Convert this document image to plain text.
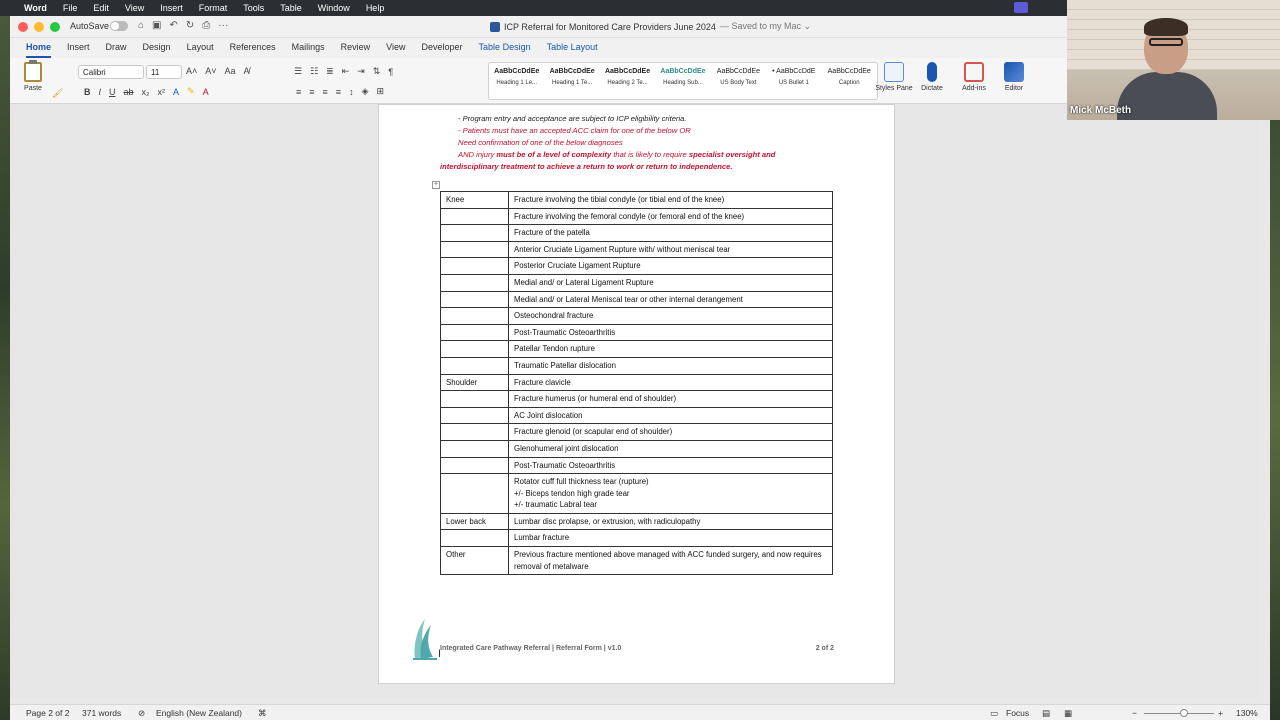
Word File Edit View Insert Format Tools Table Window Help
AutoSave	⌂ ▣ ↶ ↻ ⎙ ···	ICP Referral for Monitored Care Providers June 2024 — Saved to my Mac ⌄
Home	Insert	Draw	Design	Layout	References	Mailings	Review	View	Developer	Table Design	Table Layout
Paste	🖌
Calibri	11	A˄ A˅ Aa A̸
B I U ab x₂ x² A ✎ A
☰ ☷ ≣ ⇤ ⇥ ⇅ ¶
≡ ≡ ≡ ≡ ↕ ◈ ⊞
AaBbCcDdEe
Heading 1 Le...
AaBbCcDdEe
Heading 1 Te...
AaBbCcDdEe
Heading 2 Te...
AaBbCcDdEe
Heading Sub...
AaBbCcDdEe
US Body Text
• AaBbCcDdE
US Bullet 1
AaBbCcDdEe
Caption
Styles Pane	Dictate	Add-ins	Editor
- Program entry and acceptance are subject to ICP eligibility criteria.
- Patients must have an accepted ACC claim for one of the below OR
Need confirmation of one of the below diagnoses
AND injury must be of a level of complexity that is likely to require specialist oversight and
interdisciplinary treatment to achieve a return to work or return to independence.
+
Knee	Fracture involving the tibial condyle (or tibial end of the knee)
	Fracture involving the femoral condyle (or femoral end of the knee)
	Fracture of the patella
	Anterior Cruciate Ligament Rupture with/ without meniscal tear
	Posterior Cruciate Ligament Rupture
	Medial and/ or Lateral Ligament Rupture
	Medial and/ or Lateral Meniscal tear or other internal derangement
	Osteochondral fracture
	Post-Traumatic Osteoarthritis
	Patellar Tendon rupture
	Traumatic Patellar dislocation
Shoulder	Fracture clavicle
	Fracture humerus (or humeral end of shoulder)
	AC Joint dislocation
	Fracture glenoid (or scapular end of shoulder)
	Glenohumeral joint dislocation
	Post-Traumatic Osteoarthritis

	Rotator cuff full thickness tear (rupture)
+/- Biceps tendon high grade tear
+/- traumatic Labral tear

Lower back	Lumbar disc prolapse, or extrusion, with radiculopathy
	Lumbar fracture
Other	Previous fracture mentioned above managed with ACC funded surgery, and now requires removal of metalware
Integrated Care Pathway Referral | Referral Form | v1.0	2 of 2
I
Page 2 of 2 371 words ⊘ English (New Zealand) ⌘	▭ Focus ▤ ▦	−	+ 130%
Mick McBeth
